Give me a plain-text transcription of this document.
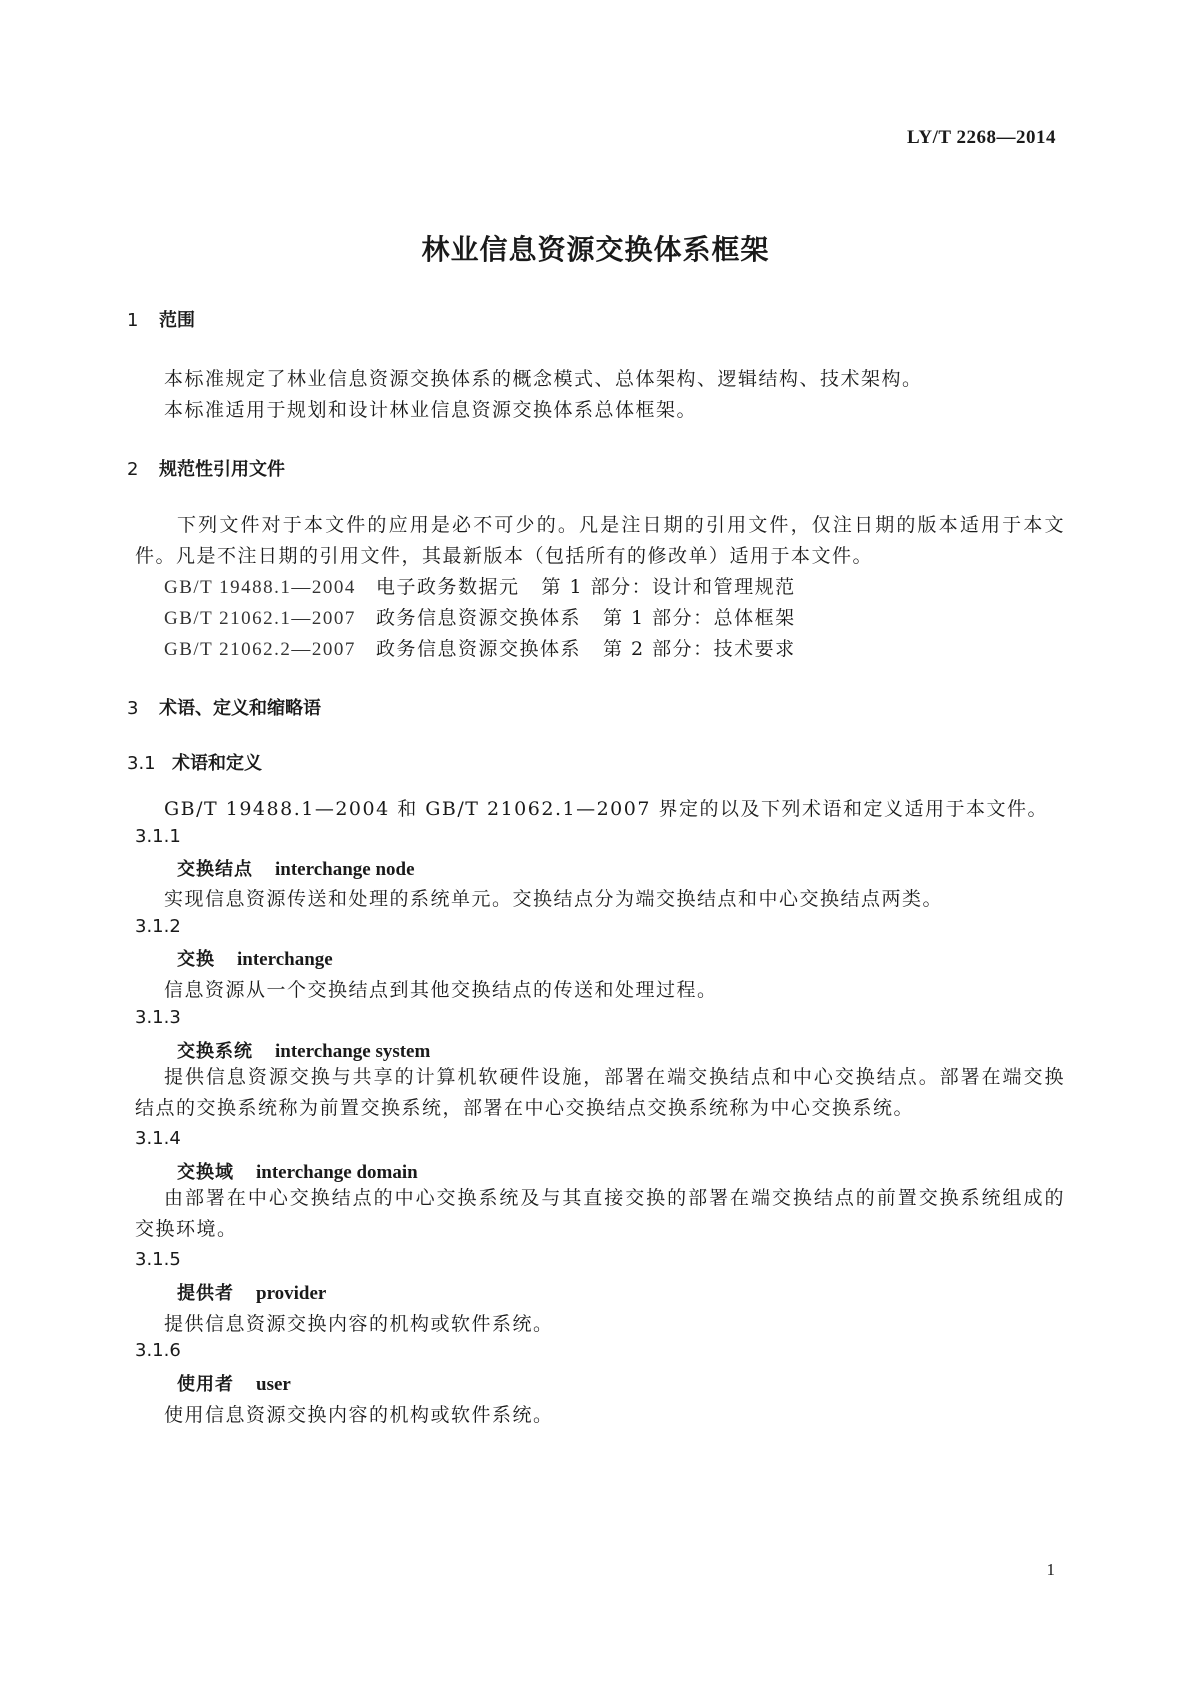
LY/T 2268—2014
林业信息资源交换体系框架
1 范围
本标准规定了林业信息资源交换体系的概念模式、总体架构、逻辑结构、技术架构。
本标准适用于规划和设计林业信息资源交换体系总体框架。
2 规范性引用文件
下列文件对于本文件的应用是必不可少的。凡是注日期的引用文件，仅注日期的版本适用于本文件。凡是不注日期的引用文件，其最新版本（包括所有的修改单）适用于本文件。
GB/T 19488.1—2004 电子政务数据元 第 1 部分：设计和管理规范
GB/T 21062.1—2007 政务信息资源交换体系 第 1 部分：总体框架
GB/T 21062.2—2007 政务信息资源交换体系 第 2 部分：技术要求
3 术语、定义和缩略语
3.1 术语和定义
GB/T 19488.1—2004 和 GB/T 21062.1—2007 界定的以及下列术语和定义适用于本文件。
3.1.1
交换结点 interchange node
实现信息资源传送和处理的系统单元。交换结点分为端交换结点和中心交换结点两类。
3.1.2
交换 interchange
信息资源从一个交换结点到其他交换结点的传送和处理过程。
3.1.3
交换系统 interchange system
提供信息资源交换与共享的计算机软硬件设施，部署在端交换结点和中心交换结点。部署在端交换结点的交换系统称为前置交换系统，部署在中心交换结点交换系统称为中心交换系统。
3.1.4
交换域 interchange domain
由部署在中心交换结点的中心交换系统及与其直接交换的部署在端交换结点的前置交换系统组成的交换环境。
3.1.5
提供者 provider
提供信息资源交换内容的机构或软件系统。
3.1.6
使用者 user
使用信息资源交换内容的机构或软件系统。
1
